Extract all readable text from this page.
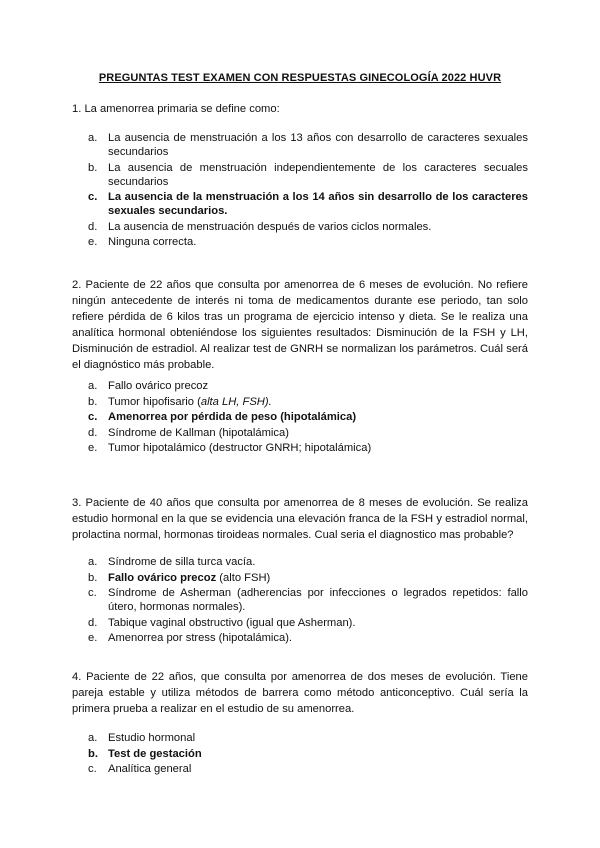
PREGUNTAS TEST EXAMEN CON RESPUESTAS GINECOLOGÍA 2022 HUVR
1. La amenorrea primaria se define como:
a. La ausencia de menstruación a los 13 años con desarrollo de caracteres sexuales secundarios
b. La ausencia de menstruación independientemente de los caracteres secuales secundarios
c. La ausencia de la menstruación a los 14 años sin desarrollo de los caracteres sexuales secundarios.
d. La ausencia de menstruación después de varios ciclos normales.
e. Ninguna correcta.
2. Paciente de 22 años que consulta por amenorrea de 6 meses de evolución. No refiere ningún antecedente de interés ni toma de medicamentos durante ese periodo, tan solo refiere pérdida de 6 kilos tras un programa de ejercicio intenso y dieta. Se le realiza una analítica hormonal obteniéndose los siguientes resultados: Disminución de la FSH y LH, Disminución de estradiol. Al realizar test de GNRH se normalizan los parámetros. Cuál será el diagnóstico más probable.
a. Fallo ovárico precoz
b. Tumor hipofisario (alta LH, FSH).
c. Amenorrea por pérdida de peso (hipotalámica)
d. Síndrome de Kallman (hipotalámica)
e. Tumor hipotalámico (destructor GNRH; hipotalámica)
3. Paciente de 40 años que consulta por amenorrea de 8 meses de evolución. Se realiza estudio hormonal en la que se evidencia una elevación franca de la FSH y estradiol normal, prolactina normal, hormonas tiroideas normales. Cual seria el diagnostico mas probable?
a. Síndrome de silla turca vacía.
b. Fallo ovárico precoz (alto FSH)
c. Síndrome de Asherman (adherencias por infecciones o legrados repetidos: fallo útero, hormonas normales).
d. Tabique vaginal obstructivo (igual que Asherman).
e. Amenorrea por stress (hipotalámica).
4. Paciente de 22 años, que consulta por amenorrea de dos meses de evolución. Tiene pareja estable y utiliza métodos de barrera como método anticonceptivo. Cuál sería la primera prueba a realizar en el estudio de su amenorrea.
a. Estudio hormonal
b. Test de gestación
c. Analítica general
